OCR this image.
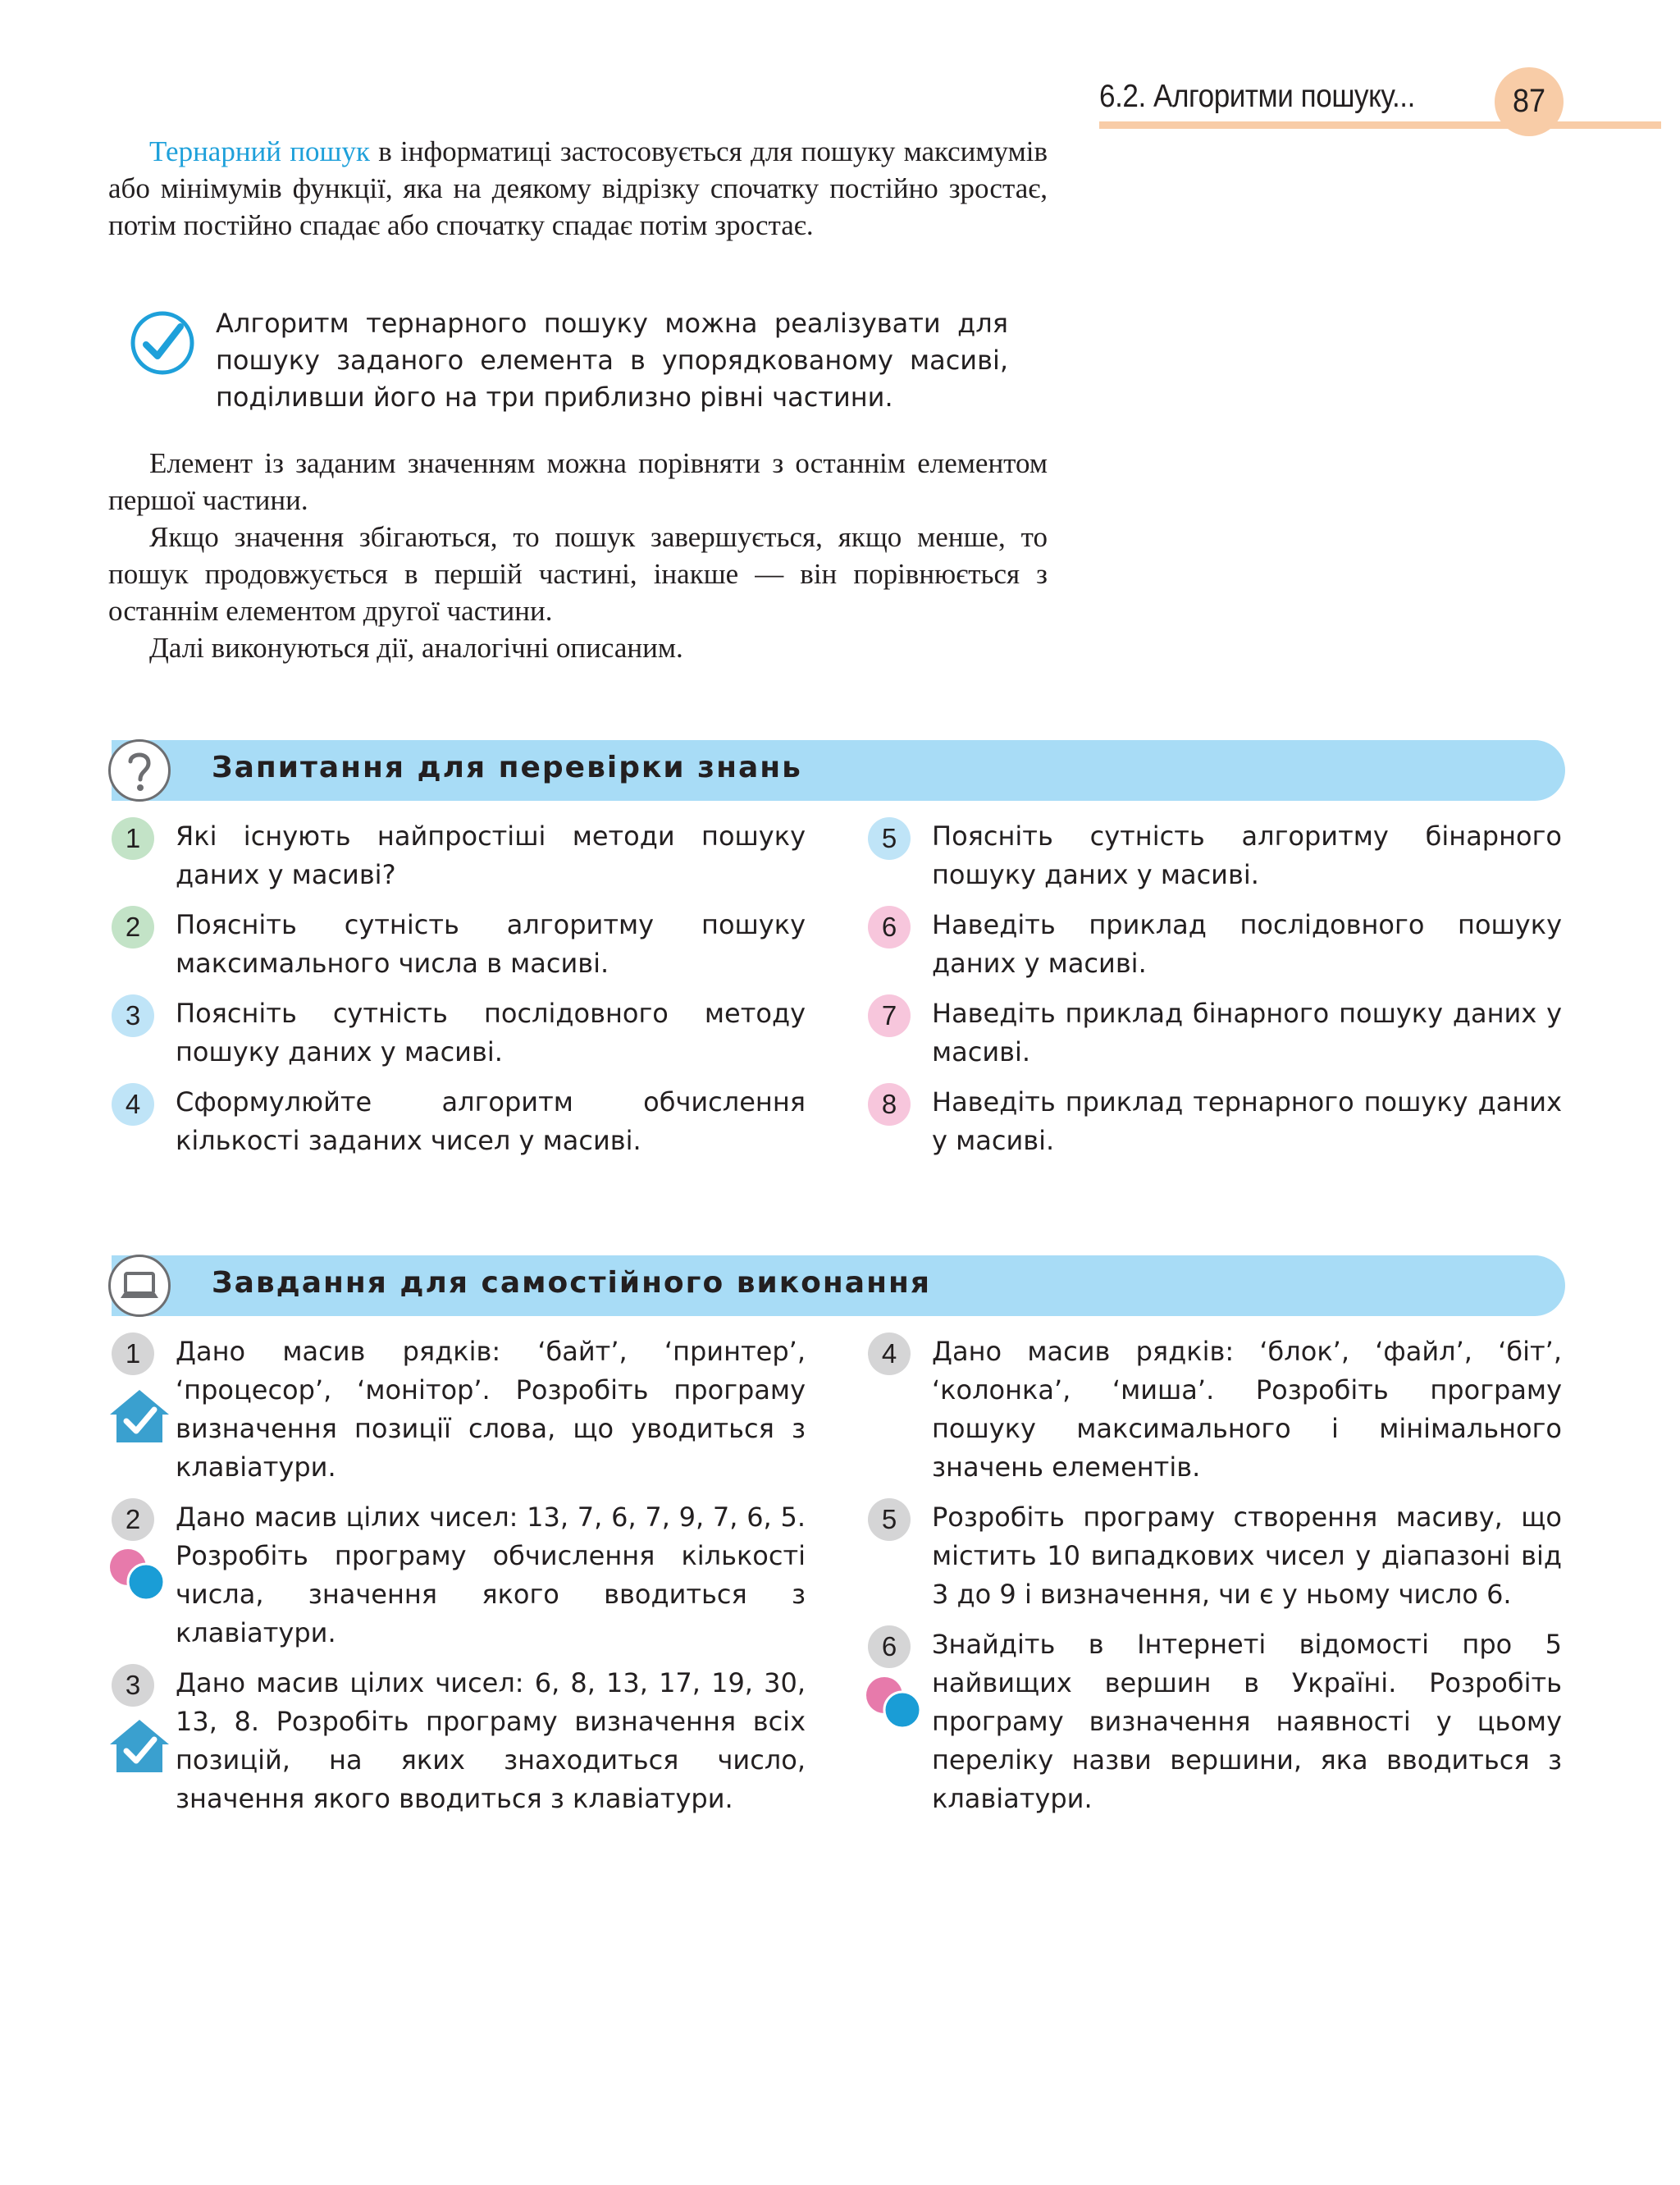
6.2. Алгоритми пошуку...	87

Тернарний пошук в інформатиці застосовується для пошуку максимумів або мінімумів функції, яка на деякому відрізку спочатку постійно зростає, потім постійно спадає або спочатку спадає потім зростає.

Алгоритм тернарного пошуку можна реалізувати для пошуку заданого елемента в упорядкованому масиві, поділивши його на три приблизно рівні частини.

Елемент із заданим значенням можна порівняти з останнім елементом першої частини.

Якщо значення збігаються, то пошук завершується, якщо менше, то пошук продовжується в першій частині, інакше — він порівнюється з останнім елементом другої частини.

Далі виконуються дії, аналогічні описаним.

Запитання для перевірки знань
1	Які існують найпростіші методи пошуку даних у масиві?

2	Поясніть сутність алгоритму пошуку максимального числа в масиві.

3	Поясніть сутність послідовного методу пошуку даних у масиві.

4	Сформулюйте алгоритм обчислення кількості заданих чисел у масиві.

5	Поясніть сутність алгоритму бінарного пошуку даних у масиві.

6	Наведіть приклад послідовного пошуку даних у масиві.

7	Наведіть приклад бінарного пошуку даних у масиві.

8	Наведіть приклад тернарного пошуку даних у масиві.

Завдання для самостійного виконання
1	Дано масив рядків: ‘байт’, ‘принтер’, ‘процесор’, ‘монітор’. Розробіть програму визначення позиції слова, що уводиться з клавіатури.

2	Дано масив цілих чисел: 13, 7, 6, 7, 9, 7, 6, 5. Розробіть програму обчислення кількості числа, значення якого вводиться з клавіатури.

3	Дано масив цілих чисел: 6, 8, 13, 17, 19, 30, 13, 8. Розробіть програму визначення всіх позицій, на яких знаходиться число, значення якого вводиться з клавіатури.

4	Дано масив рядків: ‘блок’, ‘файл’, ‘біт’, ‘колонка’, ‘миша’. Розробіть програму пошуку максимального і мінімального значень елементів.

5	Розробіть програму створення масиву, що містить 10 випадкових чисел у діапазоні від 3 до 9 і визначення, чи є у ньому число 6.

6	Знайдіть в Інтернеті відомості про 5 найвищих вершин в Україні. Розробіть програму визначення наявності у цьому переліку назви вершини, яка вводиться з клавіатури.
